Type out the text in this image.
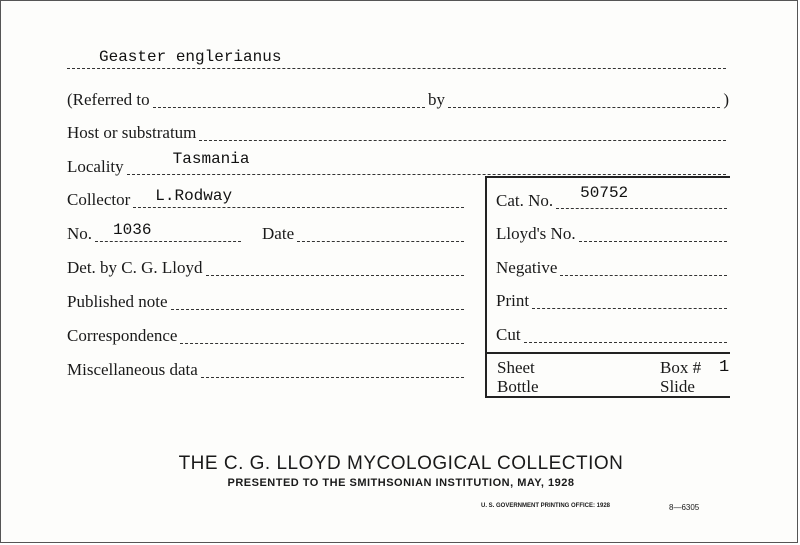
Geaster englerianus
(Referred to	by	)
Host or substratum
Locality	Tasmania
Collector L.Rodway
No. 1036	Date
Det. by C. G. Lloyd
Published note
Correspondence
Miscellaneous data
Cat. No. 50752
Lloyd's No.
Negative
Print
Cut
Sheet
Bottle
Box # 1
Slide
THE C. G. LLOYD MYCOLOGICAL COLLECTION
PRESENTED TO THE SMITHSONIAN INSTITUTION, MAY, 1928
U. S. GOVERNMENT PRINTING OFFICE: 1928	8—6305
